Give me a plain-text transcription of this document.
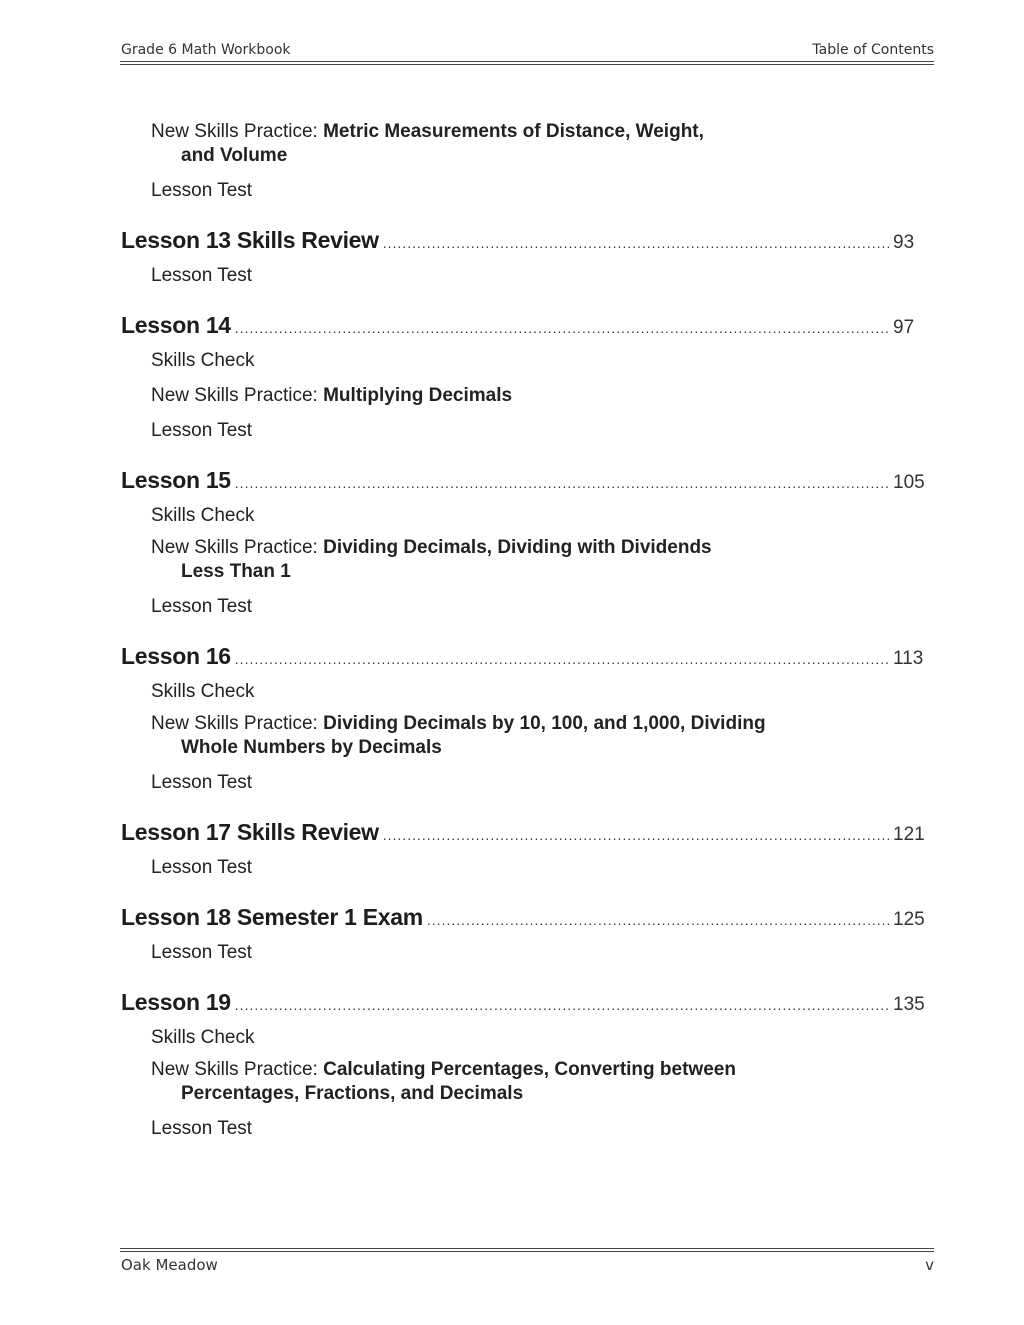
Grade 6 Math Workbook	Table of Contents
New Skills Practice: Metric Measurements of Distance, Weight,
and Volume
Lesson Test
Lesson 13 Skills Review .....	93
Lesson Test
Lesson 14 .....	97
Skills Check
New Skills Practice: Multiplying Decimals
Lesson Test
Lesson 15 .....	105
Skills Check
New Skills Practice: Dividing Decimals, Dividing with Dividends
Less Than 1
Lesson Test
Lesson 16 .....	113
Skills Check
New Skills Practice: Dividing Decimals by 10, 100, and 1,000, Dividing
Whole Numbers by Decimals
Lesson Test
Lesson 17 Skills Review .....	121
Lesson Test
Lesson 18 Semester 1 Exam .....	125
Lesson Test
Lesson 19 .....	135
Skills Check
New Skills Practice: Calculating Percentages, Converting between
Percentages, Fractions, and Decimals
Lesson Test
Oak Meadow	v
